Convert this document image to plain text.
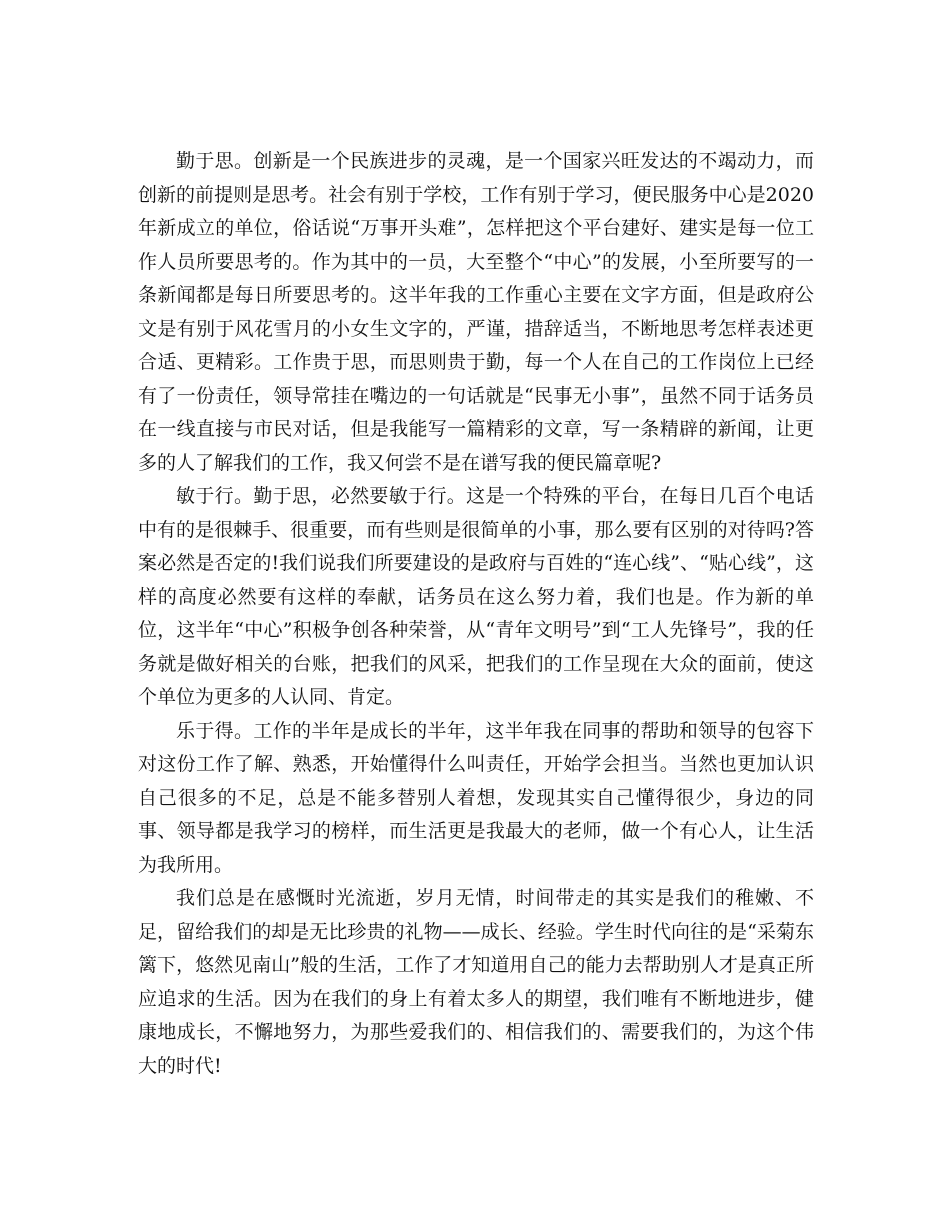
勤于思。创新是一个民族进步的灵魂，是一个国家兴旺发达的不竭动力，而创新的前提则是思考。社会有别于学校，工作有别于学习，便民服务中心是2020年新成立的单位，俗话说“万事开头难”，怎样把这个平台建好、建实是每一位工作人员所要思考的。作为其中的一员，大至整个“中心”的发展，小至所要写的一条新闻都是每日所要思考的。这半年我的工作重心主要在文字方面，但是政府公文是有别于风花雪月的小女生文字的，严谨，措辞适当，不断地思考怎样表述更合适、更精彩。工作贵于思，而思则贵于勤，每一个人在自己的工作岗位上已经有了一份责任，领导常挂在嘴边的一句话就是“民事无小事”，虽然不同于话务员在一线直接与市民对话，但是我能写一篇精彩的文章，写一条精辟的新闻，让更多的人了解我们的工作，我又何尝不是在谱写我的便民篇章呢?

敏于行。勤于思，必然要敏于行。这是一个特殊的平台，在每日几百个电话中有的是很棘手、很重要，而有些则是很简单的小事，那么要有区别的对待吗?答案必然是否定的!我们说我们所要建设的是政府与百姓的“连心线”、“贴心线”，这样的高度必然要有这样的奉献，话务员在这么努力着，我们也是。作为新的单位，这半年“中心”积极争创各种荣誉，从“青年文明号”到“工人先锋号”，我的任务就是做好相关的台账，把我们的风采，把我们的工作呈现在大众的面前，使这个单位为更多的人认同、肯定。

乐于得。工作的半年是成长的半年，这半年我在同事的帮助和领导的包容下对这份工作了解、熟悉，开始懂得什么叫责任，开始学会担当。当然也更加认识自己很多的不足，总是不能多替别人着想，发现其实自己懂得很少，身边的同事、领导都是我学习的榜样，而生活更是我最大的老师，做一个有心人，让生活为我所用。

我们总是在感慨时光流逝，岁月无情，时间带走的其实是我们的稚嫩、不足，留给我们的却是无比珍贵的礼物——成长、经验。学生时代向往的是“采菊东篱下，悠然见南山”般的生活，工作了才知道用自己的能力去帮助别人才是真正所应追求的生活。因为在我们的身上有着太多人的期望，我们唯有不断地进步，健康地成长，不懈地努力，为那些爱我们的、相信我们的、需要我们的，为这个伟大的时代!
